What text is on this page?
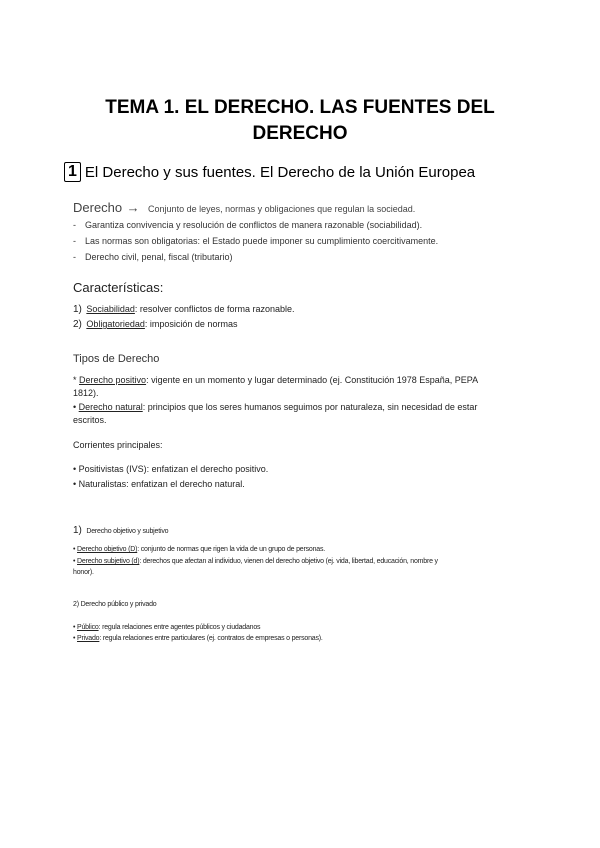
TEMA 1. EL DERECHO. LAS FUENTES DEL
DERECHO
1 El Derecho y sus fuentes. El Derecho de la Unión Europea
Derecho → Conjunto de leyes, normas y obligaciones que regulan la sociedad.
- Garantiza convivencia y resolución de conflictos de manera razonable (sociabilidad).
- Las normas son obligatorias: el Estado puede imponer su cumplimiento coercitivamente.
- Derecho civil, penal, fiscal (tributario)
Características:
1) Sociabilidad: resolver conflictos de forma razonable.
2) Obligatoriedad: imposición de normas
Tipos de Derecho
* Derecho positivo: vigente en un momento y lugar determinado (ej. Constitución 1978 España, PEPA
1812).
• Derecho natural: principios que los seres humanos seguimos por naturaleza, sin necesidad de estar
escritos.
Corrientes principales:
• Positivistas (IVS): enfatizan el derecho positivo.
• Naturalistas: enfatizan el derecho natural.
1) Derecho objetivo y subjetivo
• Derecho objetivo (D): conjunto de normas que rigen la vida de un grupo de personas.
• Derecho subjetivo (d): derechos que afectan al individuo, vienen del derecho objetivo (ej. vida, libertad, educación, nombre y
honor).
2) Derecho público y privado
• Público: regula relaciones entre agentes públicos y ciudadanos
• Privado: regula relaciones entre particulares (ej. contratos de empresas o personas).
